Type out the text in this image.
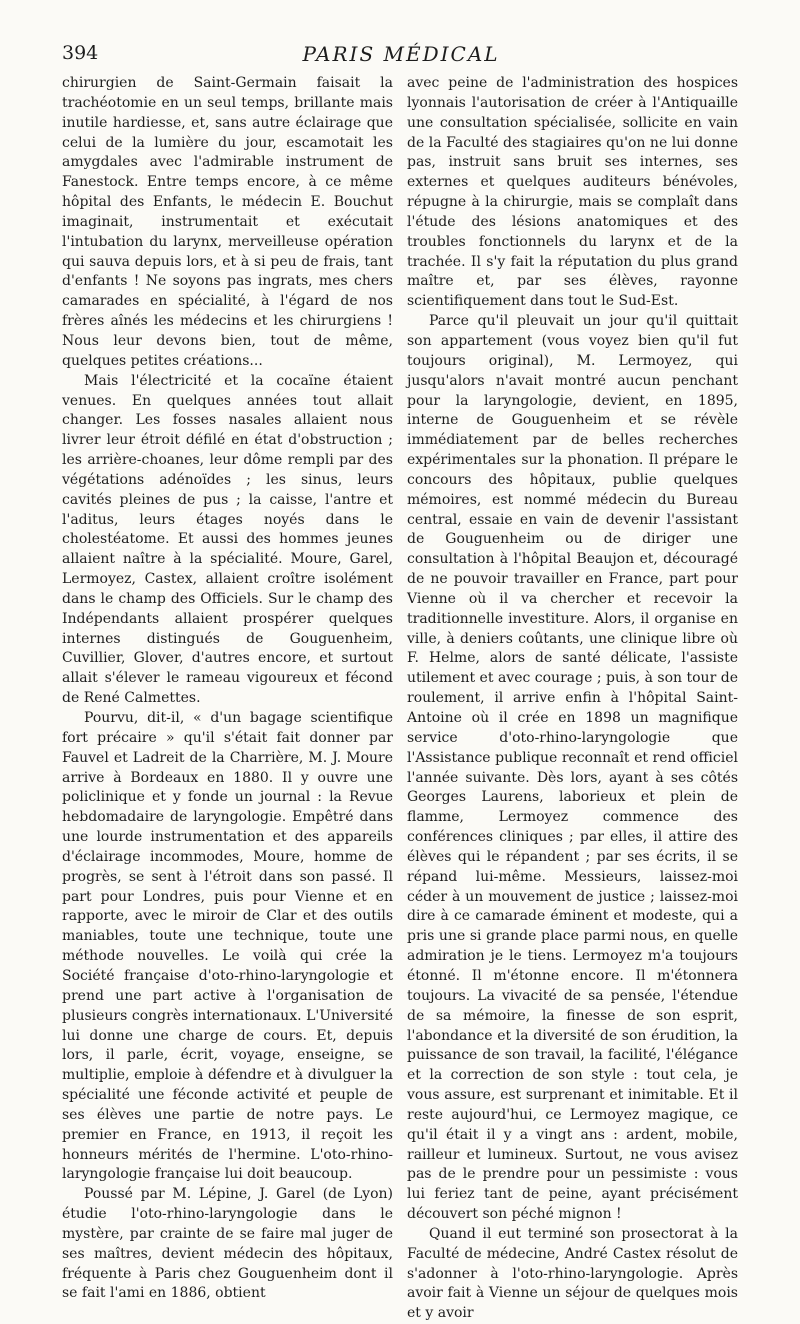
394	PARIS MÉDICAL

chirurgien de Saint-Germain faisait la trachéotomie en un seul temps, brillante mais inutile hardiesse, et, sans autre éclairage que celui de la lumière du jour, escamotait les amygdales avec l'admirable instrument de Fanestock. Entre temps encore, à ce même hôpital des Enfants, le médecin E. Bouchut imaginait, instrumentait et exécutait l'intubation du larynx, merveilleuse opération qui sauva depuis lors, et à si peu de frais, tant d'enfants ! Ne soyons pas ingrats, mes chers camarades en spécialité, à l'égard de nos frères aînés les médecins et les chirurgiens ! Nous leur devons bien, tout de même, quelques petites créations...

Mais l'électricité et la cocaïne étaient venues. En quelques années tout allait changer. Les fosses nasales allaient nous livrer leur étroit défilé en état d'obstruction ; les arrière-choanes, leur dôme rempli par des végétations adénoïdes ; les sinus, leurs cavités pleines de pus ; la caisse, l'antre et l'aditus, leurs étages noyés dans le cholestéatome. Et aussi des hommes jeunes allaient naître à la spécialité. Moure, Garel, Lermoyez, Castex, allaient croître isolément dans le champ des Officiels. Sur le champ des Indépendants allaient prospérer quelques internes distingués de Gouguenheim, Cuvillier, Glover, d'autres encore, et surtout allait s'élever le rameau vigoureux et fécond de René Calmettes.

Pourvu, dit-il, « d'un bagage scientifique fort précaire » qu'il s'était fait donner par Fauvel et Ladreit de la Charrière, M. J. Moure arrive à Bordeaux en 1880. Il y ouvre une policlinique et y fonde un journal : la Revue hebdomadaire de laryngologie. Empêtré dans une lourde instrumentation et des appareils d'éclairage incommodes, Moure, homme de progrès, se sent à l'étroit dans son passé. Il part pour Londres, puis pour Vienne et en rapporte, avec le miroir de Clar et des outils maniables, toute une technique, toute une méthode nouvelles. Le voilà qui crée la Société française d'oto-rhino-laryngologie et prend une part active à l'organisation de plusieurs congrès internationaux. L'Université lui donne une charge de cours. Et, depuis lors, il parle, écrit, voyage, enseigne, se multiplie, emploie à défendre et à divulguer la spécialité une féconde activité et peuple de ses élèves une partie de notre pays. Le premier en France, en 1913, il reçoit les honneurs mérités de l'hermine. L'oto-rhino-laryngologie française lui doit beaucoup.

Poussé par M. Lépine, J. Garel (de Lyon) étudie l'oto-rhino-laryngologie dans le mystère, par crainte de se faire mal juger de ses maîtres, devient médecin des hôpitaux, fréquente à Paris chez Gouguenheim dont il se fait l'ami en 1886, obtient

avec peine de l'administration des hospices lyonnais l'autorisation de créer à l'Antiquaille une consultation spécialisée, sollicite en vain de la Faculté des stagiaires qu'on ne lui donne pas, instruit sans bruit ses internes, ses externes et quelques auditeurs bénévoles, répugne à la chirurgie, mais se complaît dans l'étude des lésions anatomiques et des troubles fonctionnels du larynx et de la trachée. Il s'y fait la réputation du plus grand maître et, par ses élèves, rayonne scientifiquement dans tout le Sud-Est.

Parce qu'il pleuvait un jour qu'il quittait son appartement (vous voyez bien qu'il fut toujours original), M. Lermoyez, qui jusqu'alors n'avait montré aucun penchant pour la laryngologie, devient, en 1895, interne de Gouguenheim et se révèle immédiatement par de belles recherches expérimentales sur la phonation. Il prépare le concours des hôpitaux, publie quelques mémoires, est nommé médecin du Bureau central, essaie en vain de devenir l'assistant de Gouguenheim ou de diriger une consultation à l'hôpital Beaujon et, découragé de ne pouvoir travailler en France, part pour Vienne où il va chercher et recevoir la traditionnelle investiture. Alors, il organise en ville, à deniers coûtants, une clinique libre où F. Helme, alors de santé délicate, l'assiste utilement et avec courage ; puis, à son tour de roulement, il arrive enfin à l'hôpital Saint-Antoine où il crée en 1898 un magnifique service d'oto-rhino-laryngologie que l'Assistance publique reconnaît et rend officiel l'année suivante. Dès lors, ayant à ses côtés Georges Laurens, laborieux et plein de flamme, Lermoyez commence des conférences cliniques ; par elles, il attire des élèves qui le répandent ; par ses écrits, il se répand lui-même. Messieurs, laissez-moi céder à un mouvement de justice ; laissez-moi dire à ce camarade éminent et modeste, qui a pris une si grande place parmi nous, en quelle admiration je le tiens. Lermoyez m'a toujours étonné. Il m'étonne encore. Il m'étonnera toujours. La vivacité de sa pensée, l'étendue de sa mémoire, la finesse de son esprit, l'abondance et la diversité de son érudition, la puissance de son travail, la facilité, l'élégance et la correction de son style : tout cela, je vous assure, est surprenant et inimitable. Et il reste aujourd'hui, ce Lermoyez magique, ce qu'il était il y a vingt ans : ardent, mobile, railleur et lumineux. Surtout, ne vous avisez pas de le prendre pour un pessimiste : vous lui feriez tant de peine, ayant précisément découvert son péché mignon !

Quand il eut terminé son prosectorat à la Faculté de médecine, André Castex résolut de s'adonner à l'oto-rhino-laryngologie. Après avoir fait à Vienne un séjour de quelques mois et y avoir
